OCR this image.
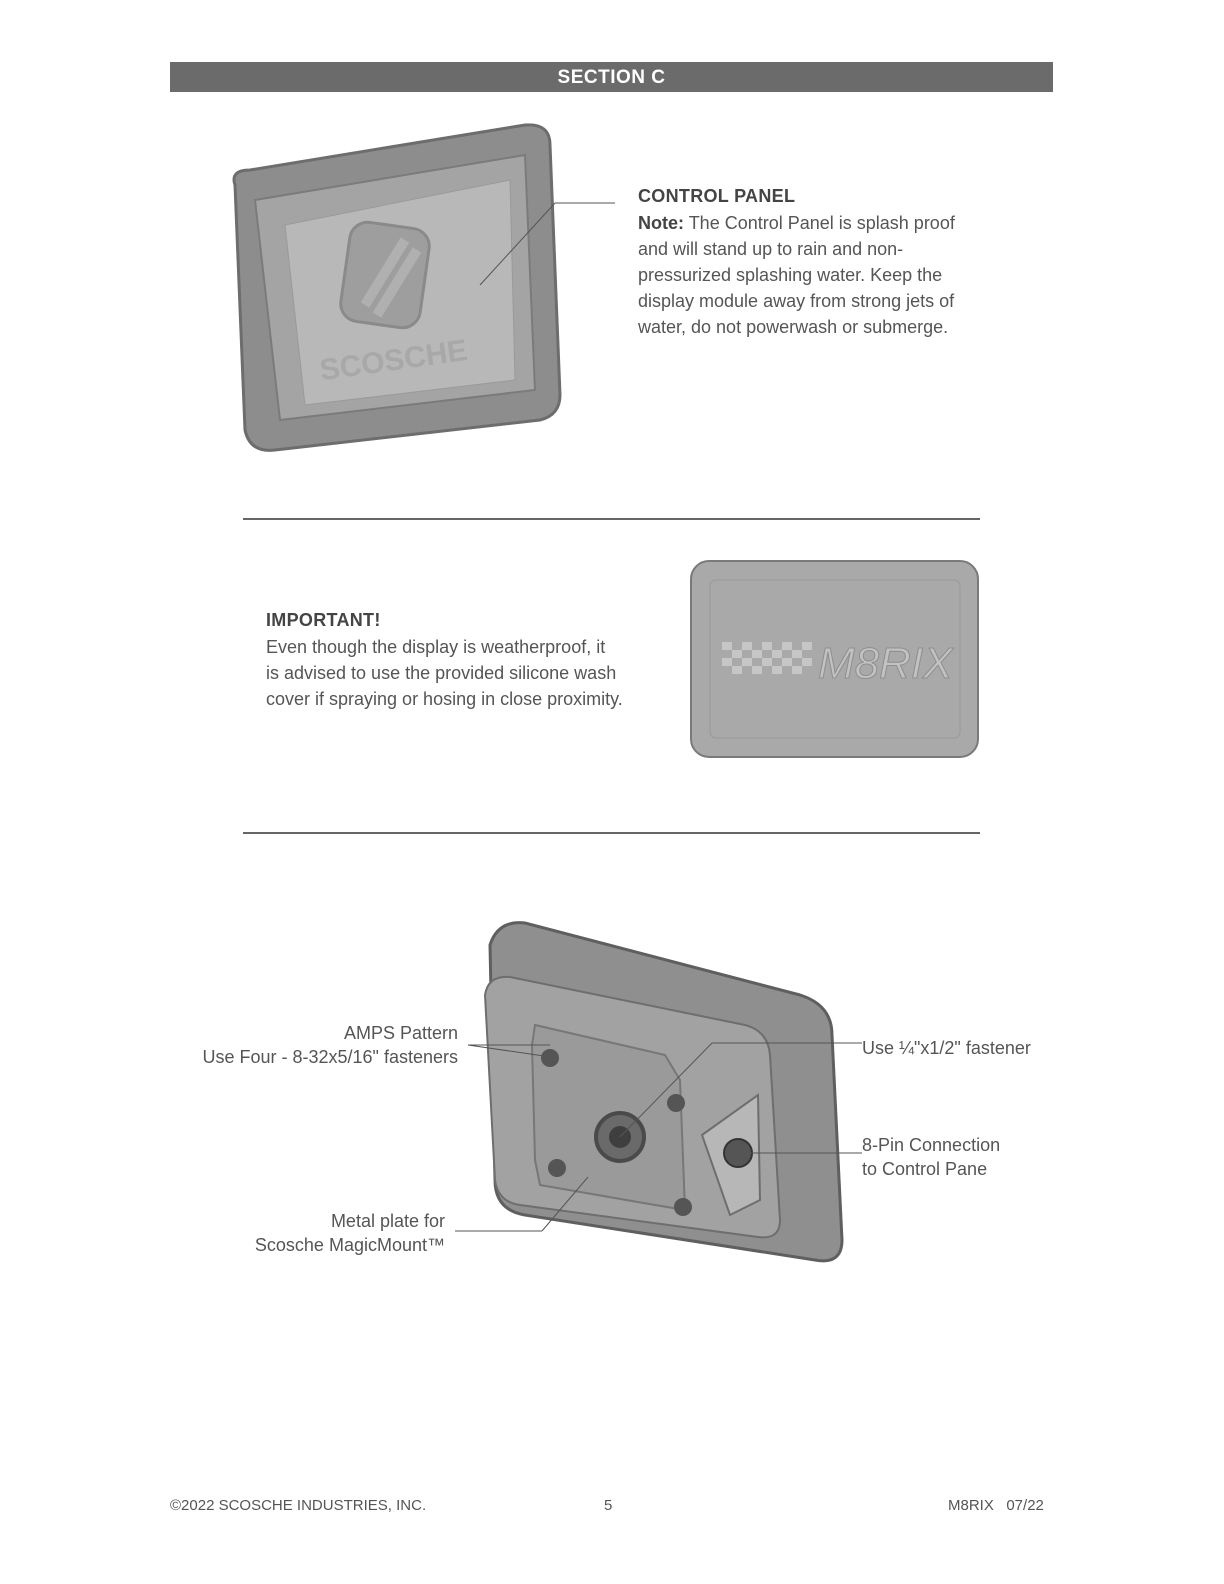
SECTION C
SCOSCHE
CONTROL PANEL
Note: The Control Panel is splash proof
and will stand up to rain and non-
pressurized splashing water. Keep the
display module away from strong jets of
water, do not powerwash or submerge.
IMPORTANT!
Even though the display is weatherproof, it
is advised to use the provided silicone wash
cover if spraying or hosing in close proximity.
M8RIX
AMPS Pattern
Use Four - 8-32x5/16" fasteners	Use ¼"x1/2" fastener
8-Pin Connection
to Control Pane
Metal plate for
Scosche MagicMount™
©2022 SCOSCHE INDUSTRIES, INC.	5	M8RIX   07/22
